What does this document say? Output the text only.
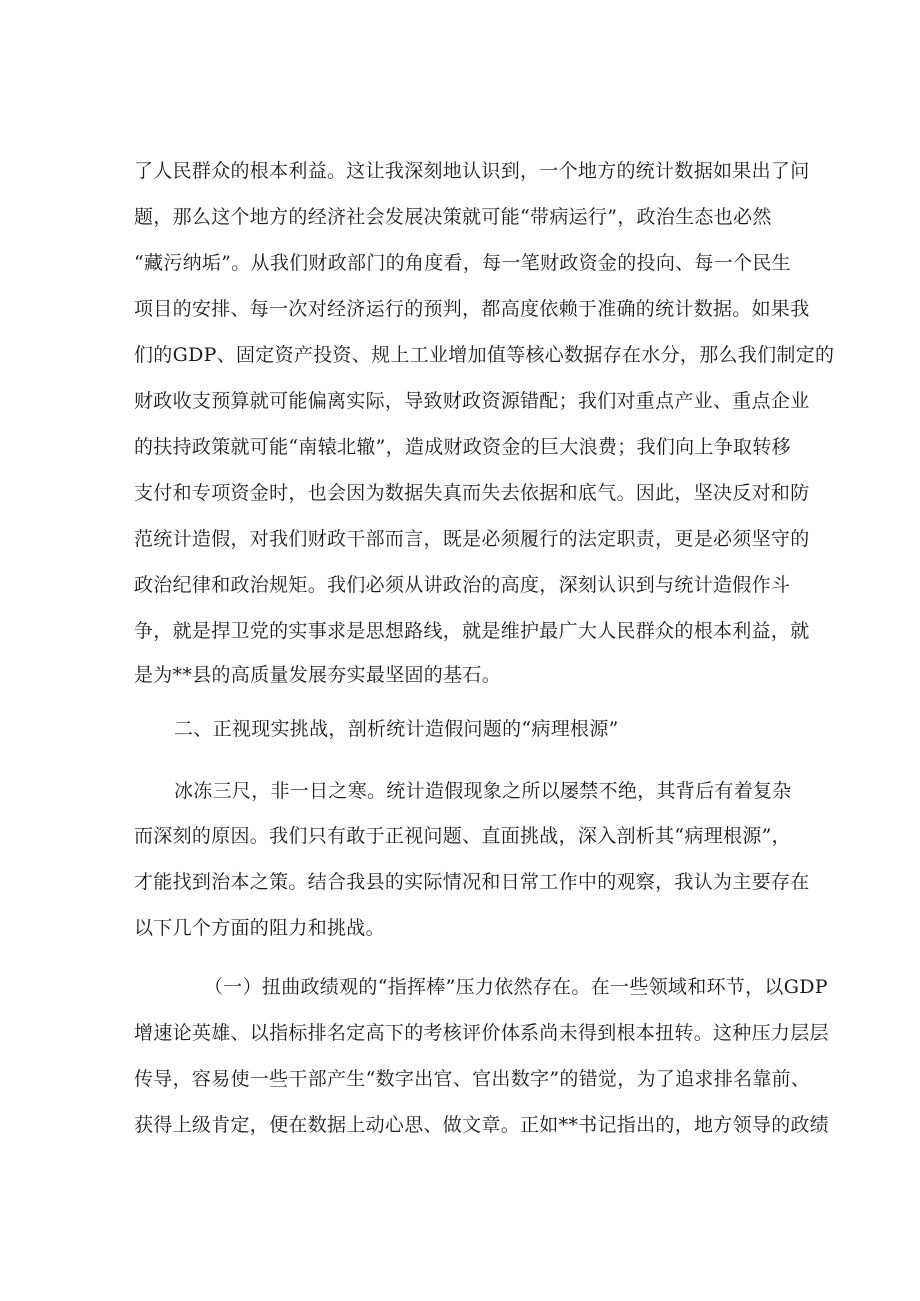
了人民群众的根本利益。这让我深刻地认识到，一个地方的统计数据如果出了问
题，那么这个地方的经济社会发展决策就可能“带病运行”，政治生态也必然
“藏污纳垢”。从我们财政部门的角度看，每一笔财政资金的投向、每一个民生
项目的安排、每一次对经济运行的预判，都高度依赖于准确的统计数据。如果我
们的GDP、固定资产投资、规上工业增加值等核心数据存在水分，那么我们制定的
财政收支预算就可能偏离实际，导致财政资源错配；我们对重点产业、重点企业
的扶持政策就可能“南辕北辙”，造成财政资金的巨大浪费；我们向上争取转移
支付和专项资金时，也会因为数据失真而失去依据和底气。因此，坚决反对和防
范统计造假，对我们财政干部而言，既是必须履行的法定职责，更是必须坚守的
政治纪律和政治规矩。我们必须从讲政治的高度，深刻认识到与统计造假作斗
争，就是捍卫党的实事求是思想路线，就是维护最广大人民群众的根本利益，就
是为**县的高质量发展夯实最坚固的基石。
二、正视现实挑战，剖析统计造假问题的“病理根源”
冰冻三尺，非一日之寒。统计造假现象之所以屡禁不绝，其背后有着复杂
而深刻的原因。我们只有敢于正视问题、直面挑战，深入剖析其“病理根源”，
才能找到治本之策。结合我县的实际情况和日常工作中的观察，我认为主要存在
以下几个方面的阻力和挑战。
（一）扭曲政绩观的“指挥棒”压力依然存在。在一些领域和环节，以GDP
增速论英雄、以指标排名定高下的考核评价体系尚未得到根本扭转。这种压力层层
传导，容易使一些干部产生“数字出官、官出数字”的错觉，为了追求排名靠前、
获得上级肯定，便在数据上动心思、做文章。正如**书记指出的，地方领导的政绩
